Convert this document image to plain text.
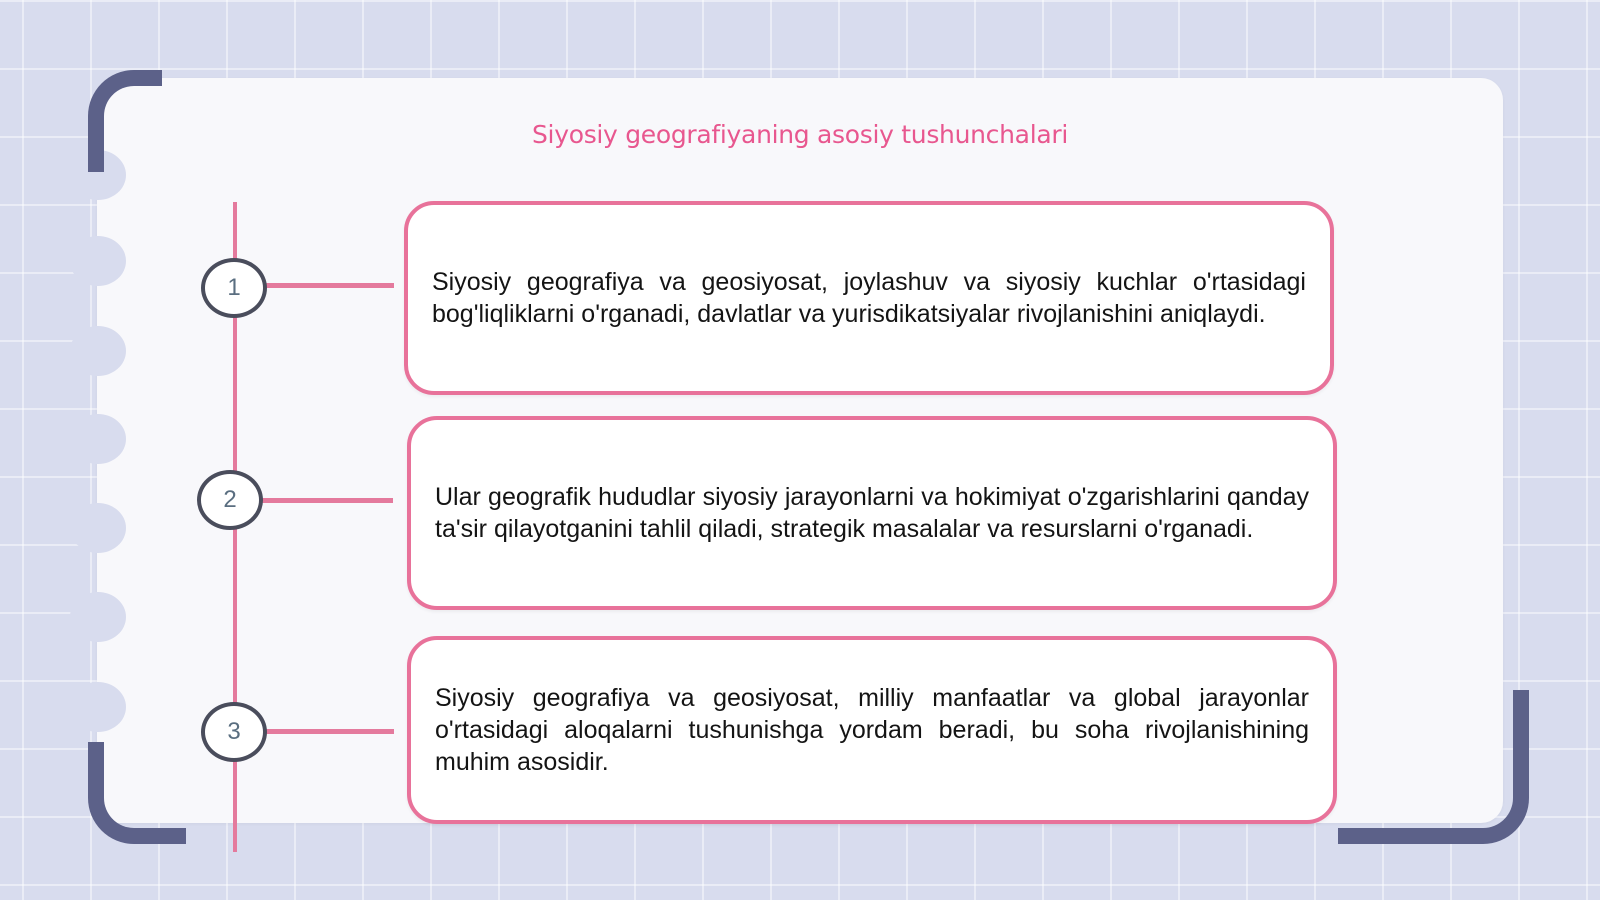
Siyosiy geografiyaning asosiy tushunchalari
1
2
3

Siyosiy geografiya va geosiyosat, joylashuv va siyosiy kuchlar o'rtasidagi bog'liqliklarni o'rganadi, davlatlar va yurisdikatsiyalar rivojlanishini aniqlaydi.

Ular geografik hududlar siyosiy jarayonlarni va hokimiyat o'zgarishlarini qanday ta'sir qilayotganini tahlil qiladi, strategik masalalar va resurslarni o'rganadi.

Siyosiy geografiya va geosiyosat, milliy manfaatlar va global jarayonlar o'rtasidagi aloqalarni tushunishga yordam beradi, bu soha rivojlanishining muhim asosidir.
